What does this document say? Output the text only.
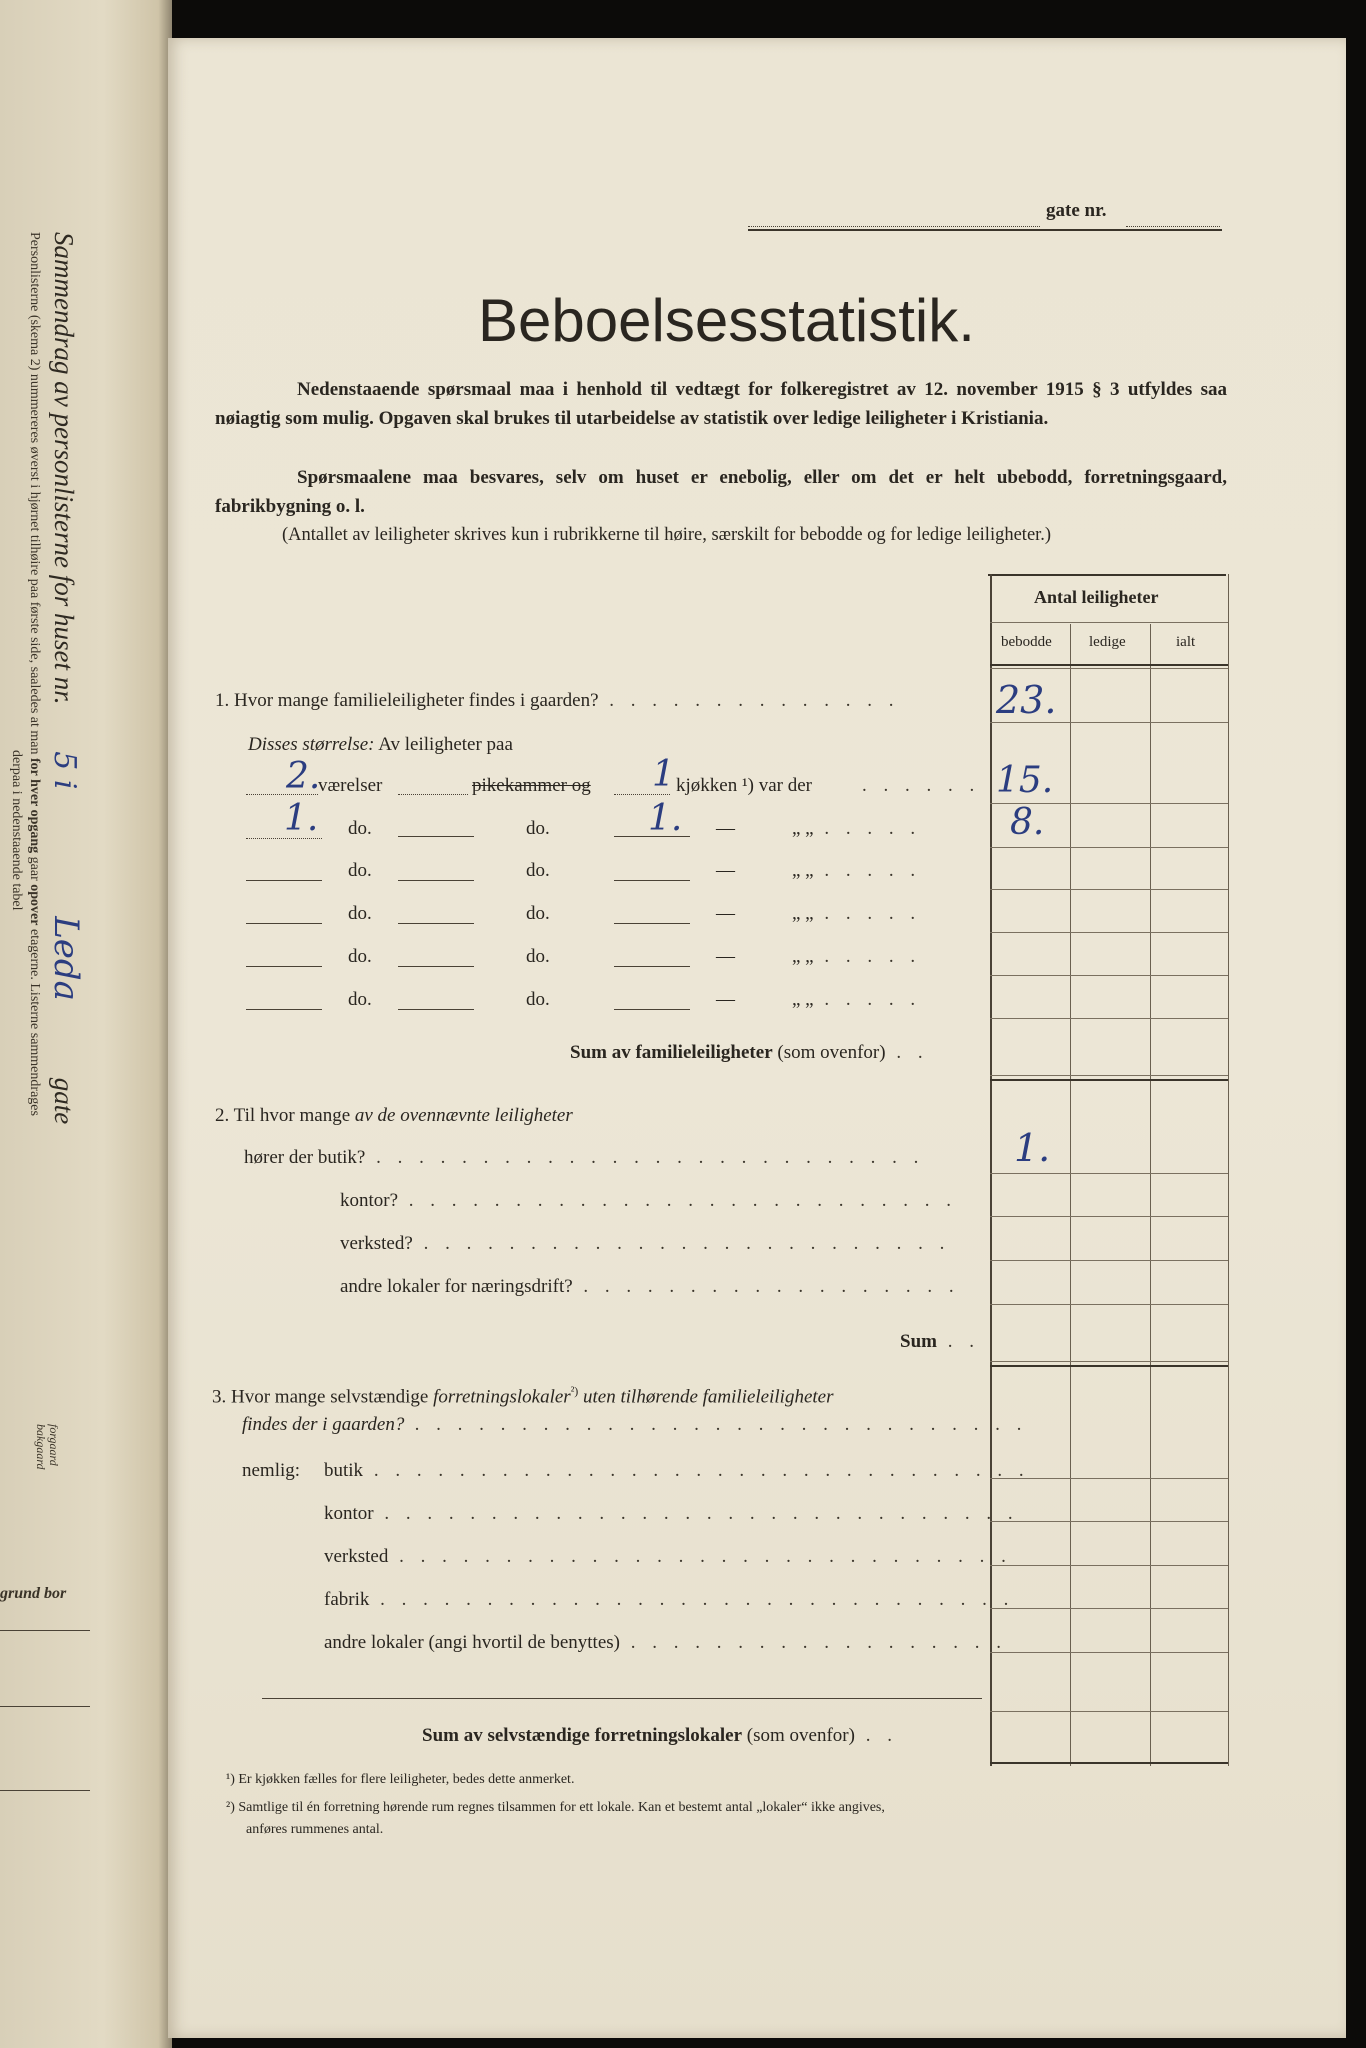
Sammendrag av personlisterne for huset nr. 5 i Leda gate
forgaard
bakgaard
Personlisterne (skema 2) nummereres øverst i hjørnet tilhøire paa første side, saaledes at man for hver opgang gaar opover etagerne. Listerne sammendrages
derpaa i nedenstaaende tabel
grund bor
gate nr.
Beboelsesstatistik.
Nedenstaaende spørsmaal maa i henhold til vedtægt for folkeregistret av 12. november 1915 § 3 utfyldes saa nøiagtig som mulig. Opgaven skal brukes til utarbeidelse av statistik over ledige leiligheter i Kristiania.
Spørsmaalene maa besvares, selv om huset er enebolig, eller om det er helt ubebodd, forretningsgaard, fabrikbygning o. l.
(Antallet av leiligheter skrives kun i rubrikkerne til høire, særskilt for bebodde og for ledige leiligheter.)
Antal leiligheter
bebodde ledige	ialt
1. Hvor mange familieleiligheter findes i gaarden? . . . . . . . . . . . . . .	23.
Disses størrelse: Av leiligheter paa
2.
værelser	pikekammer og 1 kjøkken ¹) var der	. . . . . . 15.
1. do.	do.	1. —	„ „ . . . . . 8.
do.	do.	—	„ „ . . . . .
do.	do.	—	„ „ . . . . .
do.	do.	—	„ „ . . . . .
do.	do.	—	„ „ . . . . .
Sum av familieleiligheter (som ovenfor) . .
2. Til hvor mange av de ovennævnte leiligheter
hører der butik? . . . . . . . . . . . . . . . . . . . . . . . . . . 1.
kontor? . . . . . . . . . . . . . . . . . . . . . . . . . .
verksted? . . . . . . . . . . . . . . . . . . . . . . . . .
andre lokaler for næringsdrift? . . . . . . . . . . . . . . . . . .
Sum . .
3. Hvor mange selvstændige forretningslokaler$^{^2)}$ uten tilhørende familieleiligheter
findes der i gaarden? . . . . . . . . . . . . . . . . . . . . . . . . . . . . .
nemlig: butik . . . . . . . . . . . . . . . . . . . . . . . . . . . . . . .
kontor . . . . . . . . . . . . . . . . . . . . . . . . . . . . . .
verksted . . . . . . . . . . . . . . . . . . . . . . . . . . . . .
fabrik . . . . . . . . . . . . . . . . . . . . . . . . . . . . . .
andre lokaler (angi hvortil de benyttes) . . . . . . . . . . . . . . . . . .
Sum av selvstændige forretningslokaler (som ovenfor) . .
¹) Er kjøkken fælles for flere leiligheter, bedes dette anmerket.
²) Samtlige til én forretning hørende rum regnes tilsammen for ett lokale. Kan et bestemt antal „lokaler“ ikke angives,
anføres rummenes antal.
